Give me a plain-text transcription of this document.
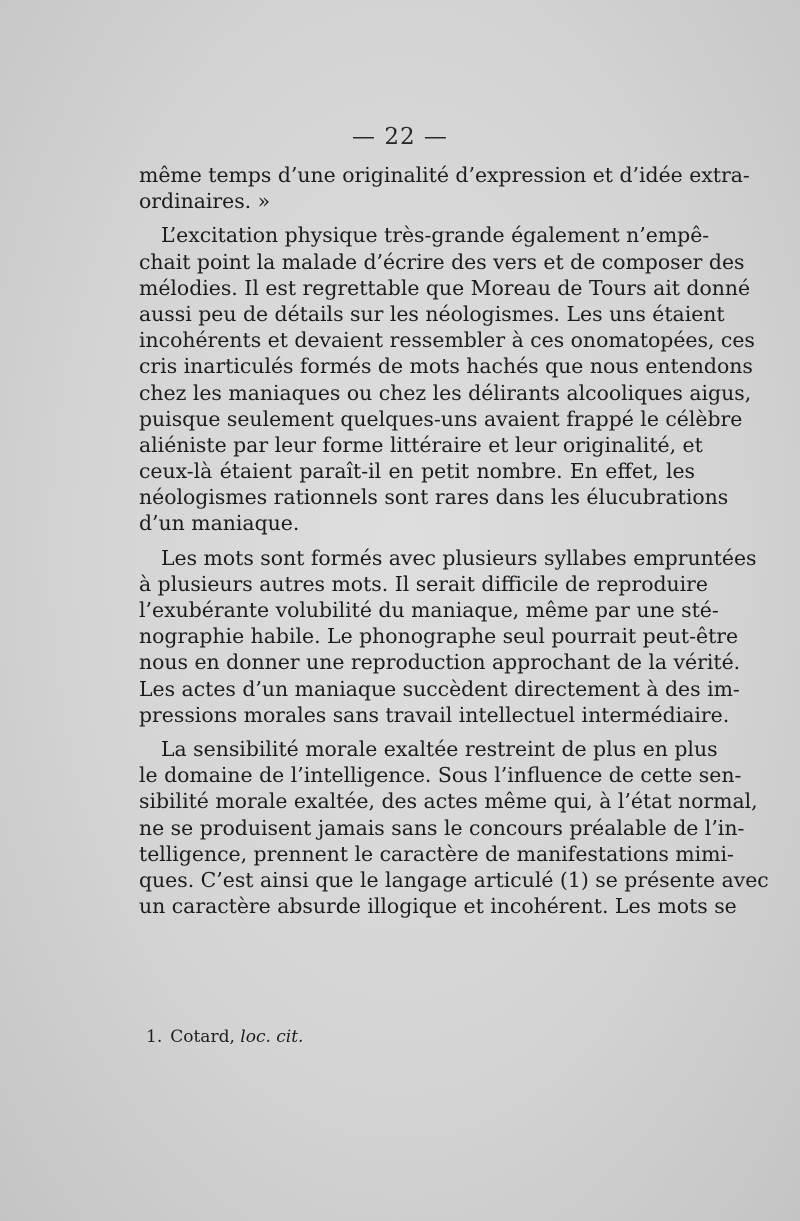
— 22 —
même temps d’une originalité d’expression et d’idée extra-
ordinaires. »
L’excitation physique très-grande également n’empê-
chait point la malade d’écrire des vers et de composer des
mélodies. Il est regrettable que Moreau de Tours ait donné
aussi peu de détails sur les néologismes. Les uns étaient
incohérents et devaient ressembler à ces onomatopées, ces
cris inarticulés formés de mots hachés que nous entendons
chez les maniaques ou chez les délirants alcooliques aigus,
puisque seulement quelques-uns avaient frappé le célèbre
aliéniste par leur forme littéraire et leur originalité, et
ceux-là étaient paraît-il en petit nombre. En effet, les
néologismes rationnels sont rares dans les élucubrations
d’un maniaque.
Les mots sont formés avec plusieurs syllabes empruntées
à plusieurs autres mots. Il serait difficile de reproduire
l’exubérante volubilité du maniaque, même par une sté-
nographie habile. Le phonographe seul pourrait peut-être
nous en donner une reproduction approchant de la vérité.
Les actes d’un maniaque succèdent directement à des im-
pressions morales sans travail intellectuel intermédiaire.
La sensibilité morale exaltée restreint de plus en plus
le domaine de l’intelligence. Sous l’influence de cette sen-
sibilité morale exaltée, des actes même qui, à l’état normal,
ne se produisent jamais sans le concours préalable de l’in-
telligence, prennent le caractère de manifestations mimi-
ques. C’est ainsi que le langage articulé (1) se présente avec
un caractère absurde illogique et incohérent. Les mots se
1. Cotard, loc. cit.
